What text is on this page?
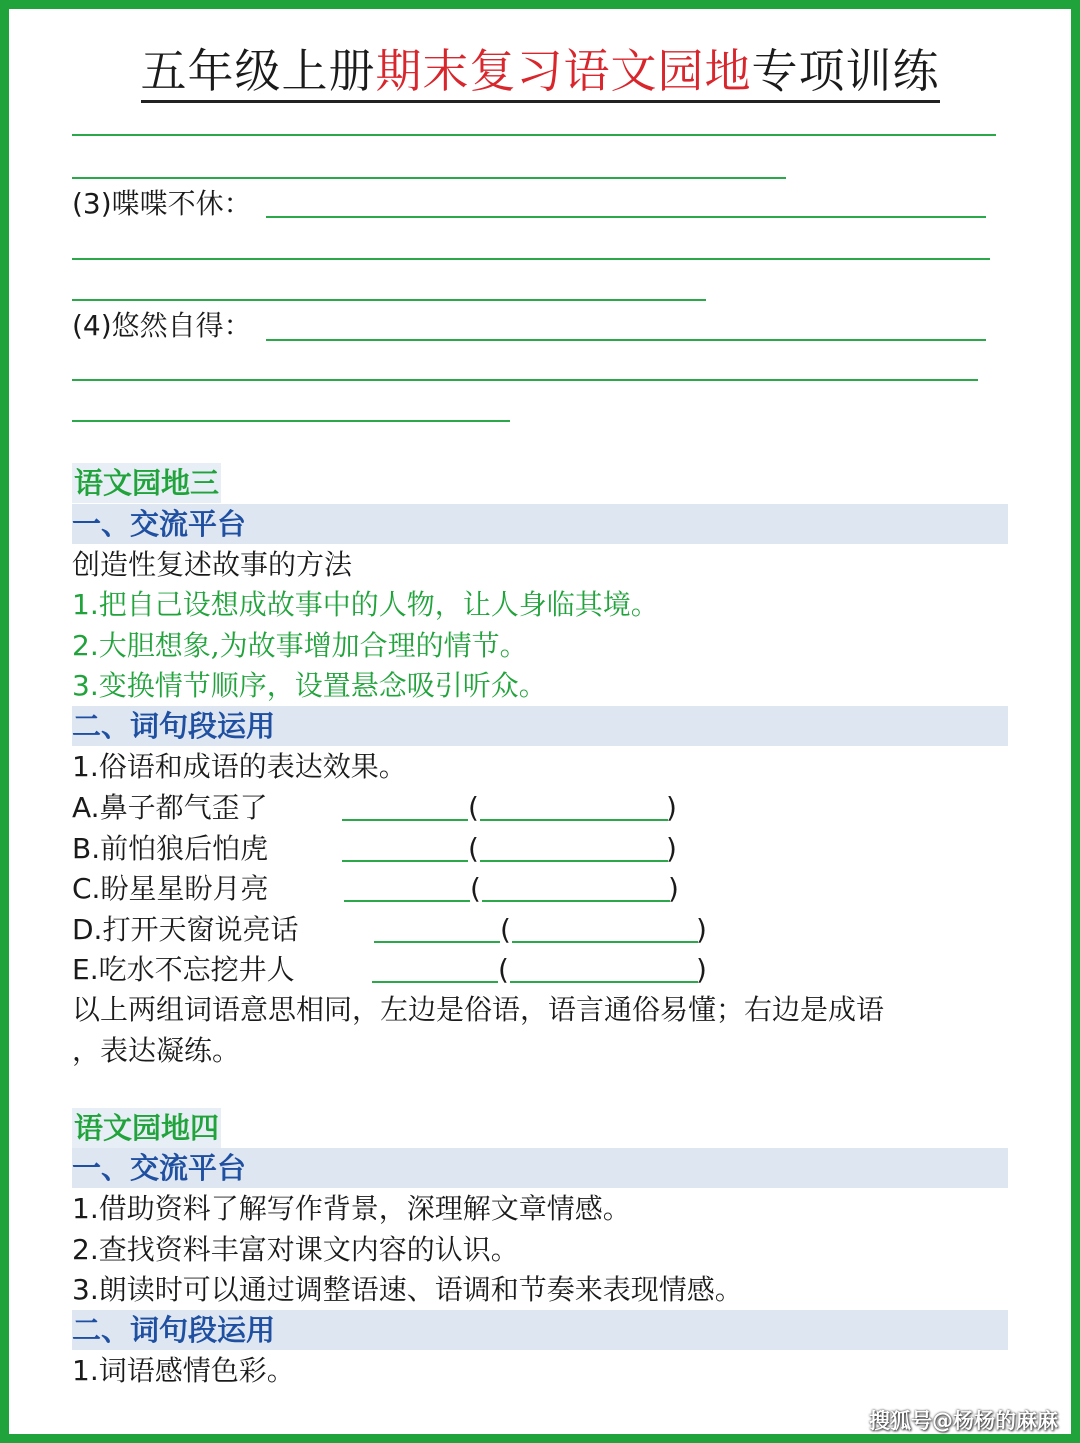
五年级上册期末复习语文园地专项训练
(3)喋喋不休：
(4)悠然自得：
语文园地三
一、交流平台
创造性复述故事的方法
1.把自己设想成故事中的人物，让人身临其境。
2.大胆想象,为故事增加合理的情节。
3.变换情节顺序，设置悬念吸引听众。
二、词句段运用
1.俗语和成语的表达效果。
A.鼻子都气歪了	(	)
B.前怕狼后怕虎	(	)
C.盼星星盼月亮	(	)
D.打开天窗说亮话	(	)
E.吃水不忘挖井人	(	)
以上两组词语意思相同，左边是俗语，语言通俗易懂；右边是成语
，表达凝练。
语文园地四
一、交流平台
1.借助资料了解写作背景，深理解文章情感。
2.查找资料丰富对课文内容的认识。
3.朗读时可以通过调整语速、语调和节奏来表现情感。
二、词句段运用
1.词语感情色彩。
搜狐号@杨杨的麻麻
